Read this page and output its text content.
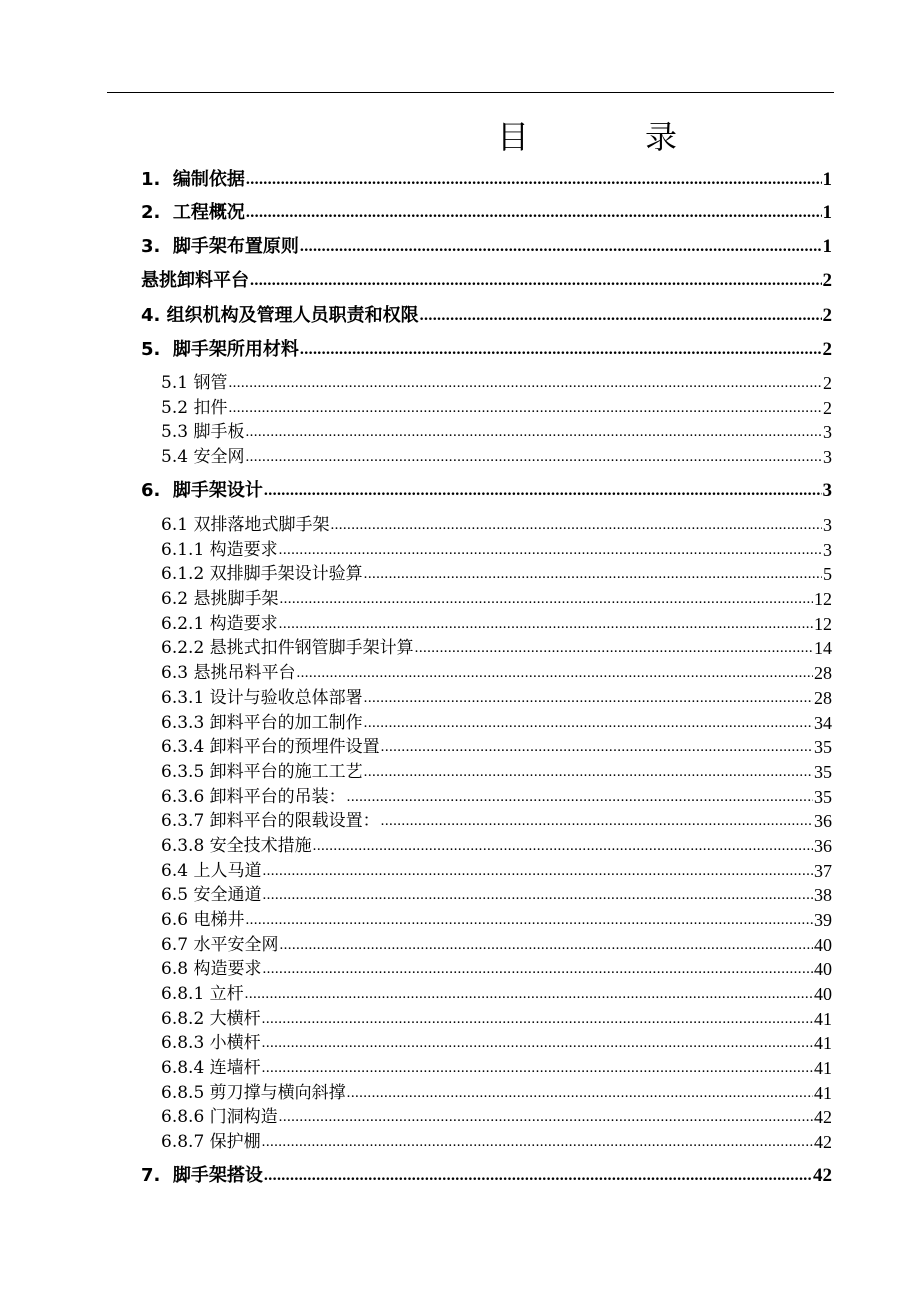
目	录
1.  编制依据 .....	1
2.  工程概况 .....	1
3.  脚手架布置原则 .....	1
悬挑卸料平台 .....	2
4. 组织机构及管理人员职责和权限 .....	2
5.  脚手架所用材料 .....	2
5.1 钢管 .....	2
5.2 扣件 .....	2
5.3 脚手板 .....	3
5.4 安全网 .....	3
6.  脚手架设计 .....	3
6.1 双排落地式脚手架 .....	3
6.1.1 构造要求 .....	3
6.1.2 双排脚手架设计验算 .....	5
6.2 悬挑脚手架 .....	12
6.2.1 构造要求 .....	12
6.2.2 悬挑式扣件钢管脚手架计算 .....	14
6.3 悬挑吊料平台 .....	28
6.3.1 设计与验收总体部署 .....	28
6.3.3 卸料平台的加工制作 .....	34
6.3.4 卸料平台的预埋件设置 .....	35
6.3.5 卸料平台的施工工艺 .....	35
6.3.6 卸料平台的吊装： .....	35
6.3.7 卸料平台的限载设置： .....	36
6.3.8 安全技术措施 .....	36
6.4 上人马道 .....	37
6.5 安全通道 .....	38
6.6 电梯井 .....	39
6.7 水平安全网 .....	40
6.8 构造要求 .....	40
6.8.1 立杆 .....	40
6.8.2 大横杆 .....	41
6.8.3 小横杆 .....	41
6.8.4 连墙杆 .....	41
6.8.5 剪刀撑与横向斜撑 .....	41
6.8.6 门洞构造 .....	42
6.8.7 保护棚 .....	42
7.  脚手架搭设 .....	42
